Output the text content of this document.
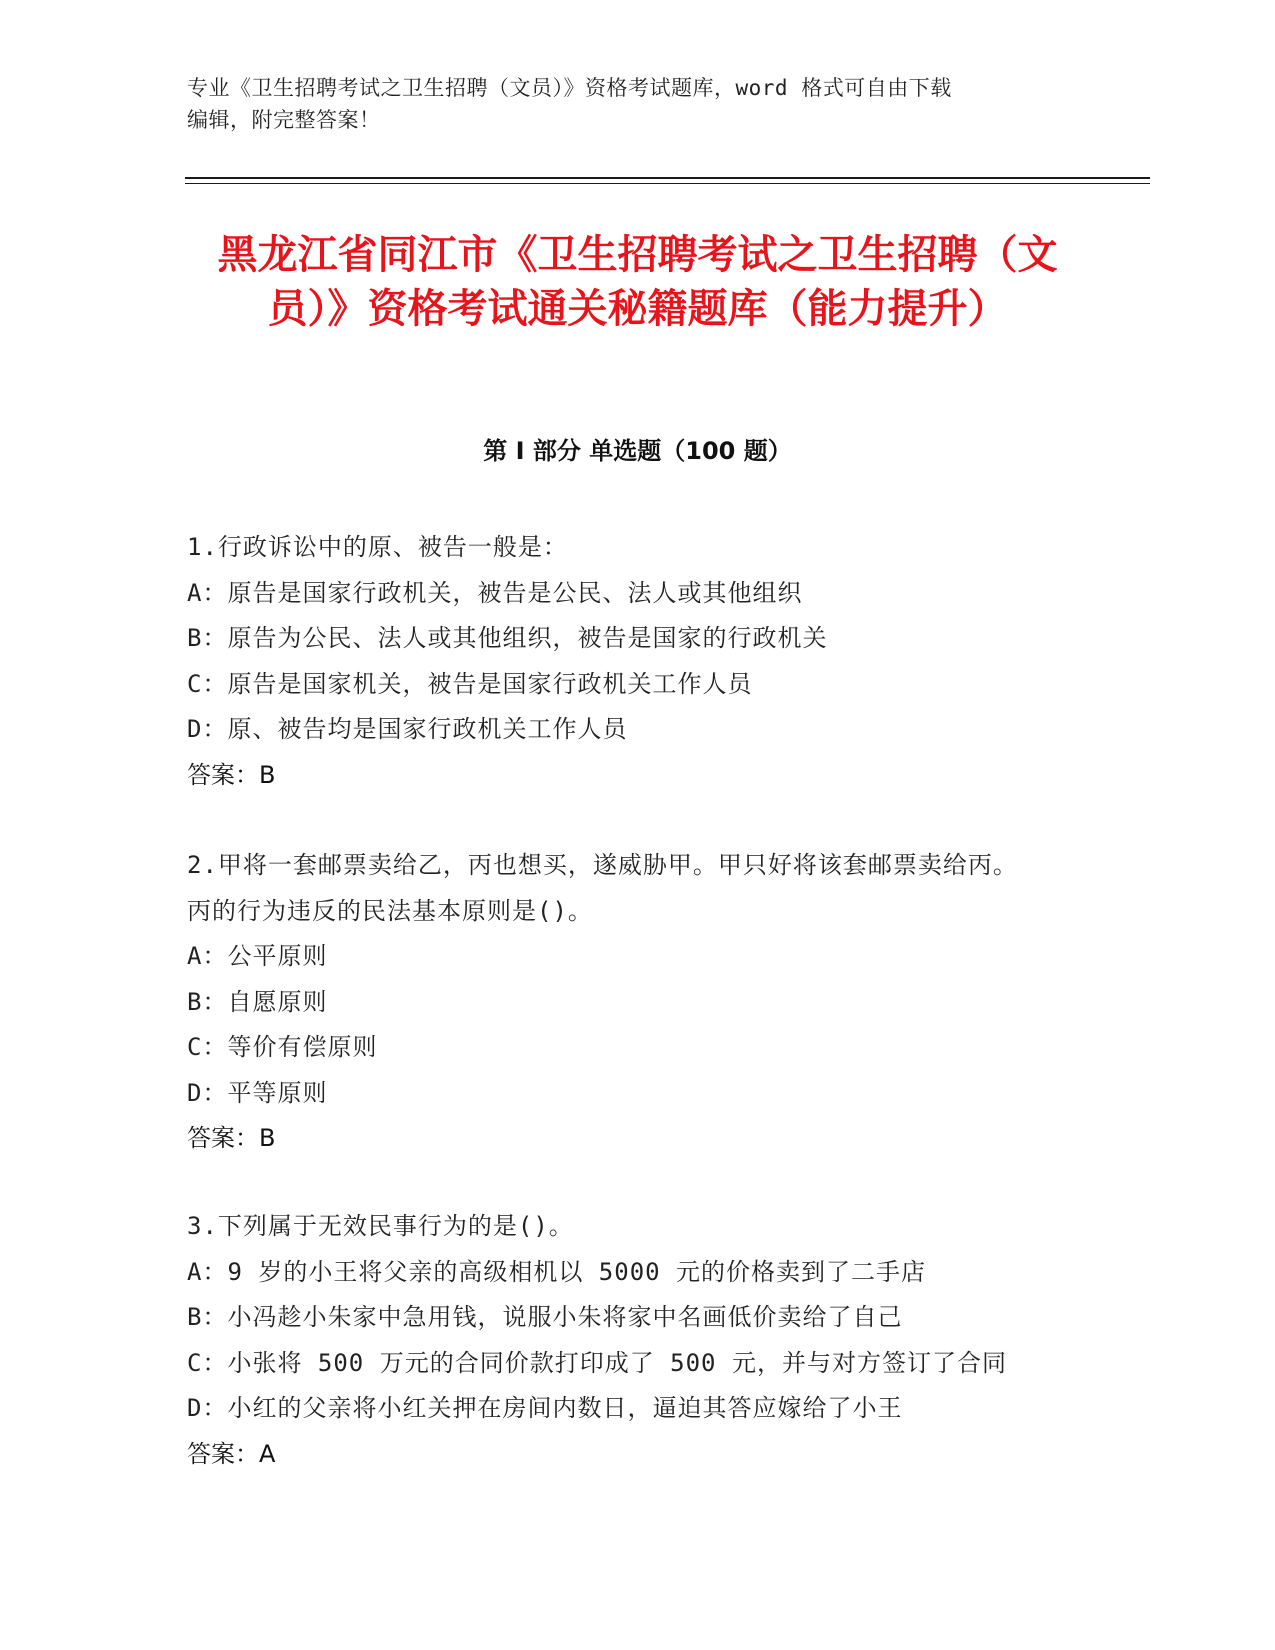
专业《卫生招聘考试之卫生招聘（文员）》资格考试题库，word 格式可自由下载
编辑，附完整答案！
黑龙江省同江市《卫生招聘考试之卫生招聘（文员）》资格考试通关秘籍题库（能力提升）
第 I 部分 单选题（100 题）
1.行政诉讼中的原、被告一般是：
A：原告是国家行政机关，被告是公民、法人或其他组织
B：原告为公民、法人或其他组织，被告是国家的行政机关
C：原告是国家机关，被告是国家行政机关工作人员
D：原、被告均是国家行政机关工作人员
答案：B
2.甲将一套邮票卖给乙，丙也想买，遂威胁甲。甲只好将该套邮票卖给丙。丙的行为违反的民法基本原则是()。
A：公平原则
B：自愿原则
C：等价有偿原则
D：平等原则
答案：B
3.下列属于无效民事行为的是()。
A：9 岁的小王将父亲的高级相机以 5000 元的价格卖到了二手店
B：小冯趁小朱家中急用钱，说服小朱将家中名画低价卖给了自己
C：小张将 500 万元的合同价款打印成了 500 元，并与对方签订了合同
D：小红的父亲将小红关押在房间内数日，逼迫其答应嫁给了小王
答案：A
